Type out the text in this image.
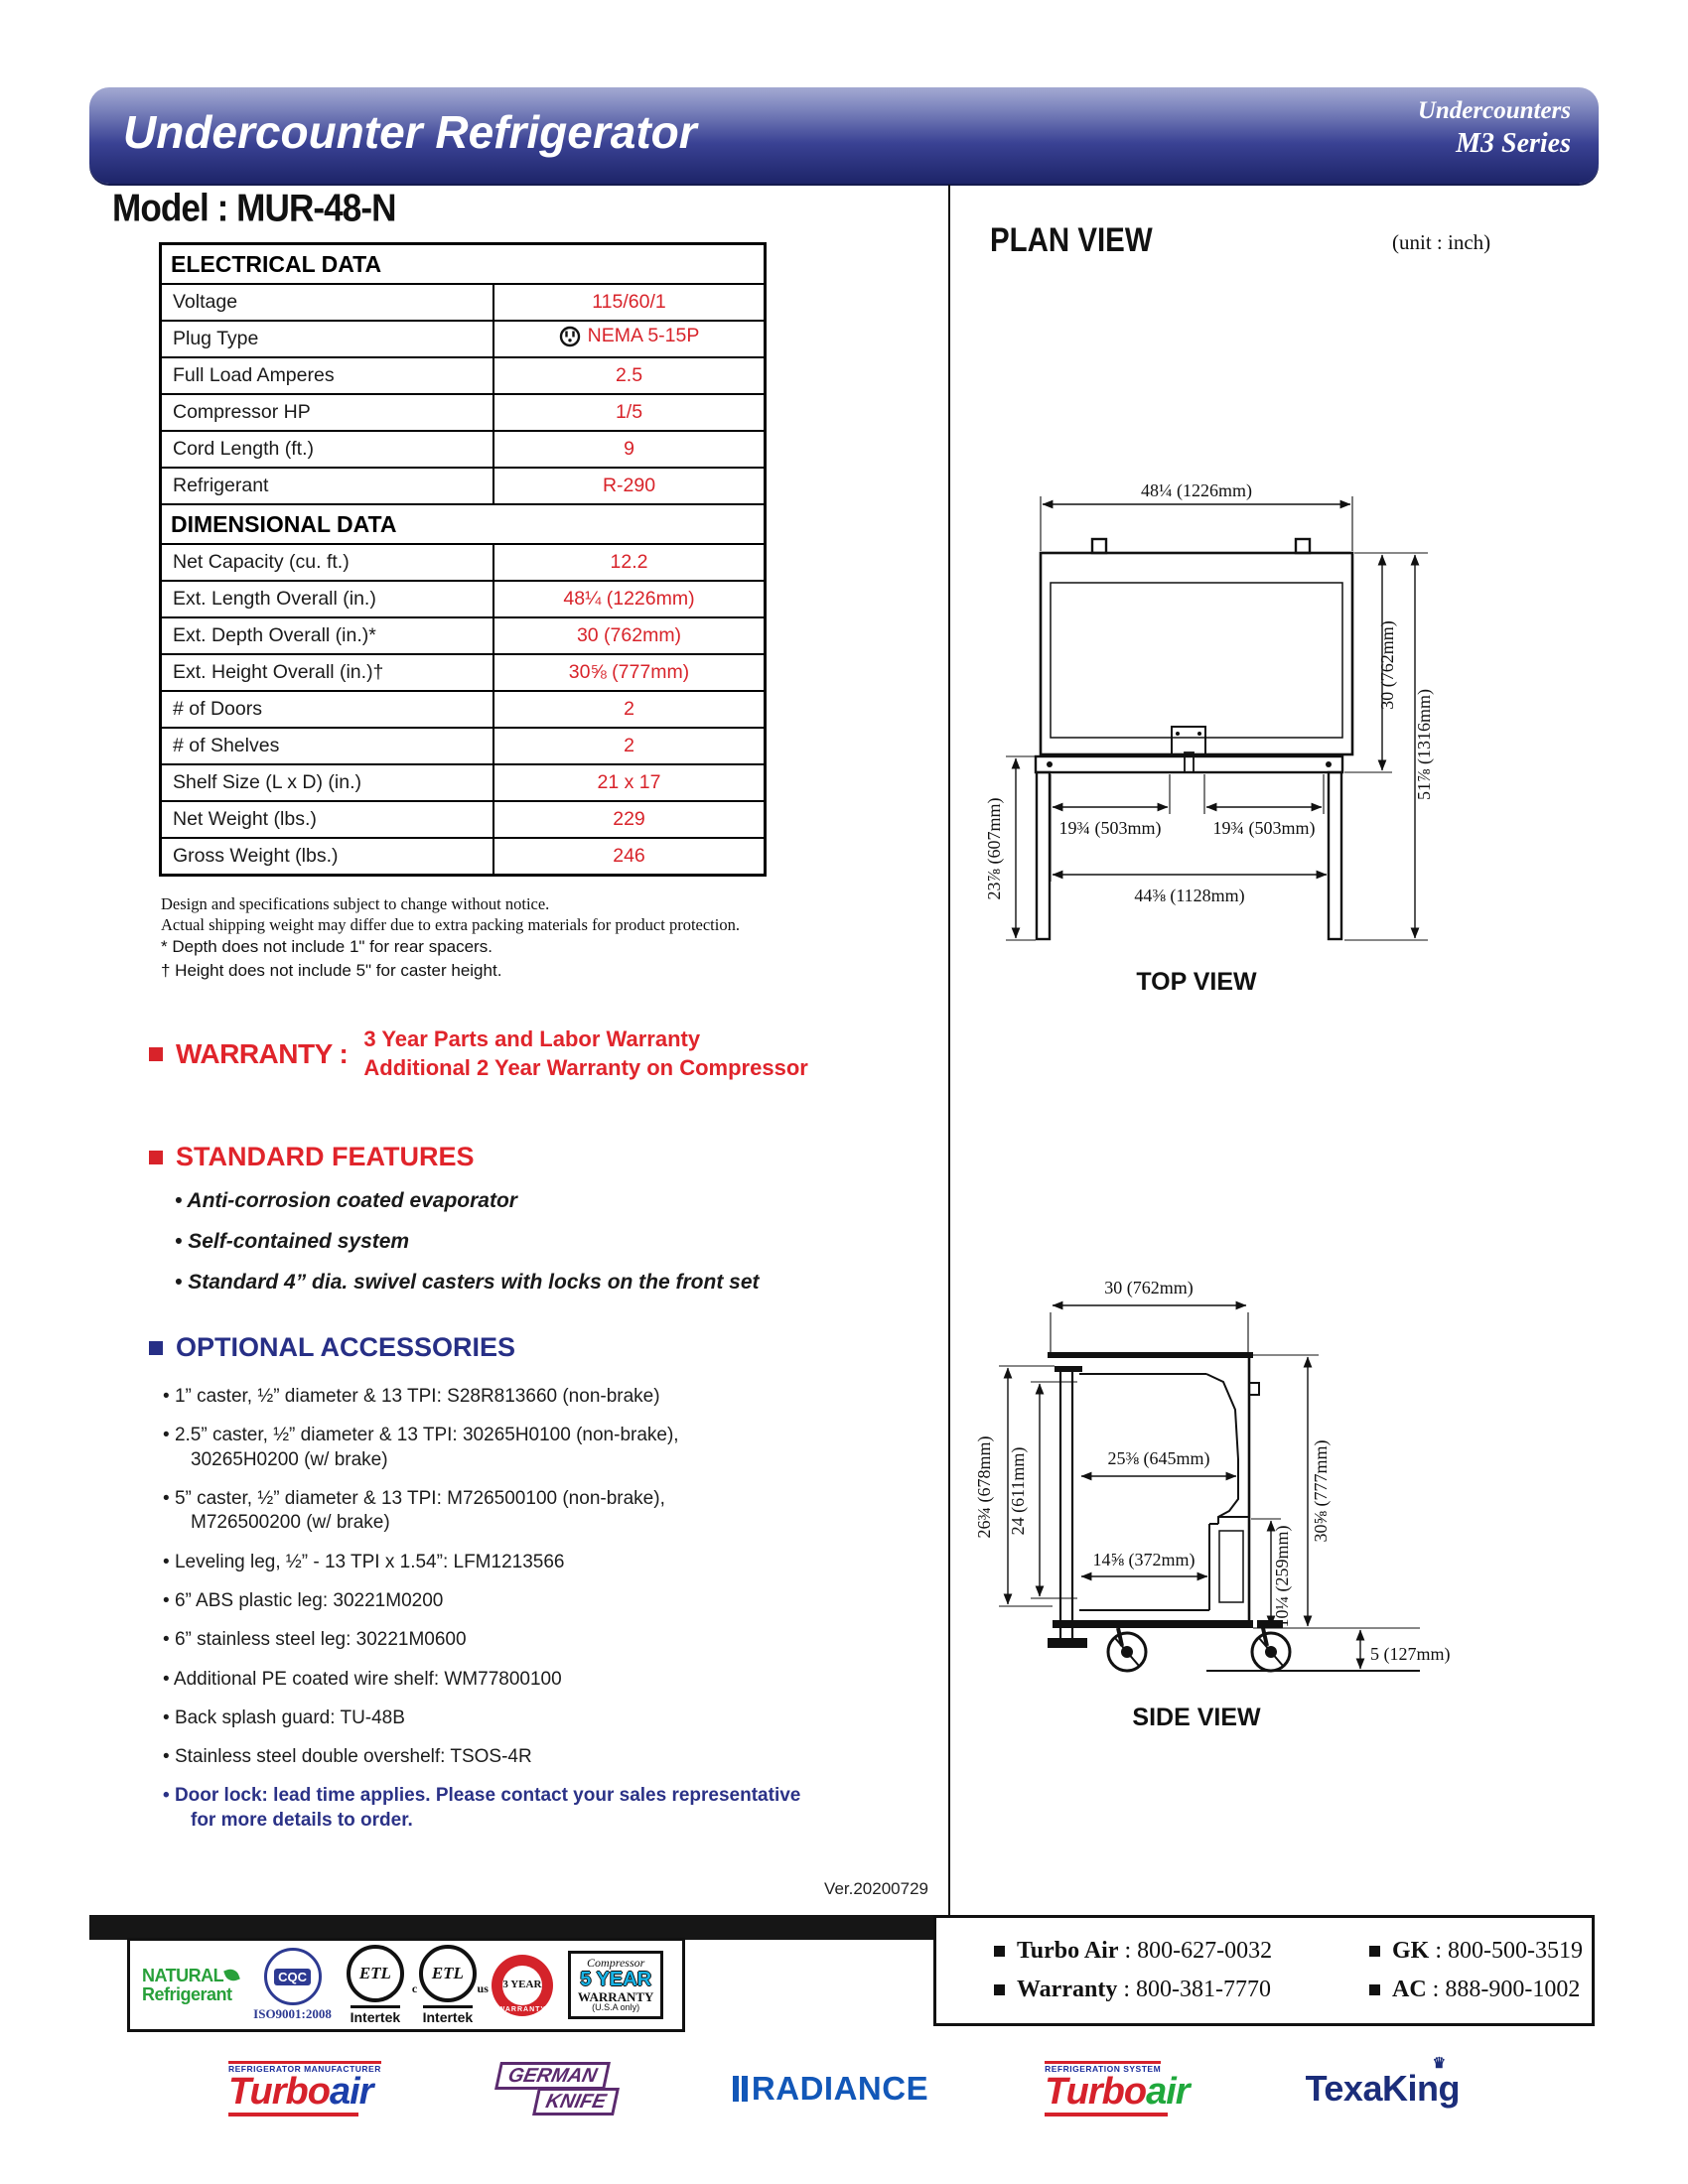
Undercounter Refrigerator	Undercounters
M3 Series
Model : MUR-48-N
ELECTRICAL DATA	
Voltage	115/60/1
Plug Type	NEMA 5-15P

Full Load Amperes	2.5
Compressor HP	1/5
Cord Length (ft.)	9
Refrigerant	R-290
DIMENSIONAL DATA	
Net Capacity (cu. ft.)	12.2
Ext. Length Overall (in.)	48¼ (1226mm)
Ext. Depth Overall (in.)*	30 (762mm)
Ext. Height Overall (in.)†	30⅝ (777mm)
# of Doors	2
# of Shelves	2
Shelf Size (L x D) (in.)	21 x 17
Net Weight (lbs.)	229
Gross Weight (lbs.)	246
Design and specifications subject to change without notice.
Actual shipping weight may differ due to extra packing materials for product protection.
* Depth does not include 1" for rear spacers.
† Height does not include 5" for caster height.
WARRANTY : 3 Year Parts and Labor Warranty
Additional 2 Year Warranty on Compressor
STANDARD FEATURES
• Anti-corrosion coated evaporator
• Self-contained system
• Standard 4” dia. swivel casters with locks on the front set
OPTIONAL ACCESSORIES
• 1” caster, ½” diameter & 13 TPI: S28R813660 (non-brake)
• 2.5” caster, ½” diameter & 13 TPI: 30265H0100 (non-brake),
30265H0200 (w/ brake)
• 5” caster, ½” diameter & 13 TPI: M726500100 (non-brake),
M726500200 (w/ brake)
• Leveling leg, ½” - 13 TPI x 1.54”: LFM1213566
• 6” ABS plastic leg: 30221M0200
• 6” stainless steel leg: 30221M0600
• Additional PE coated wire shelf: WM77800100
• Back splash guard: TU-48B
• Stainless steel double overshelf: TSOS-4R
• Door lock: lead time applies. Please contact your sales representative
for more details to order.
PLAN VIEW	(unit : inch)
48¼ (1226mm)
30 (762mm)
51⅞ (1316mm)
23⅞ (607mm)	19¾ (503mm)	19¾ (503mm)
44⅜ (1128mm)
TOP VIEW
30 (762mm)
26¾ (678mm) 24 (611mm)	25⅜ (645mm)
14⅝ (372mm)
30⅝ (777mm)
10¼ (259mm)
5 (127mm)
SIDE VIEW
Ver.20200729
Turbo Air : 800-627-0032	GK : 800-500-3519
Warranty : 800-381-7770	AC : 888-900-1002
NATURAL
Refrigerant
CQC
ISO9001:2008
ETL
Intertek
c
ETL
us
Intertek
3 YEAR
WARRANTY
Compressor
5 YEAR
WARRANTY
(U.S.A only)
REFRIGERATOR MANUFACTURER
Turboair	GERMAN
KNIFE	RADIANCE
REFRIGERATION SYSTEM
Turboair	TexaKing
♛
